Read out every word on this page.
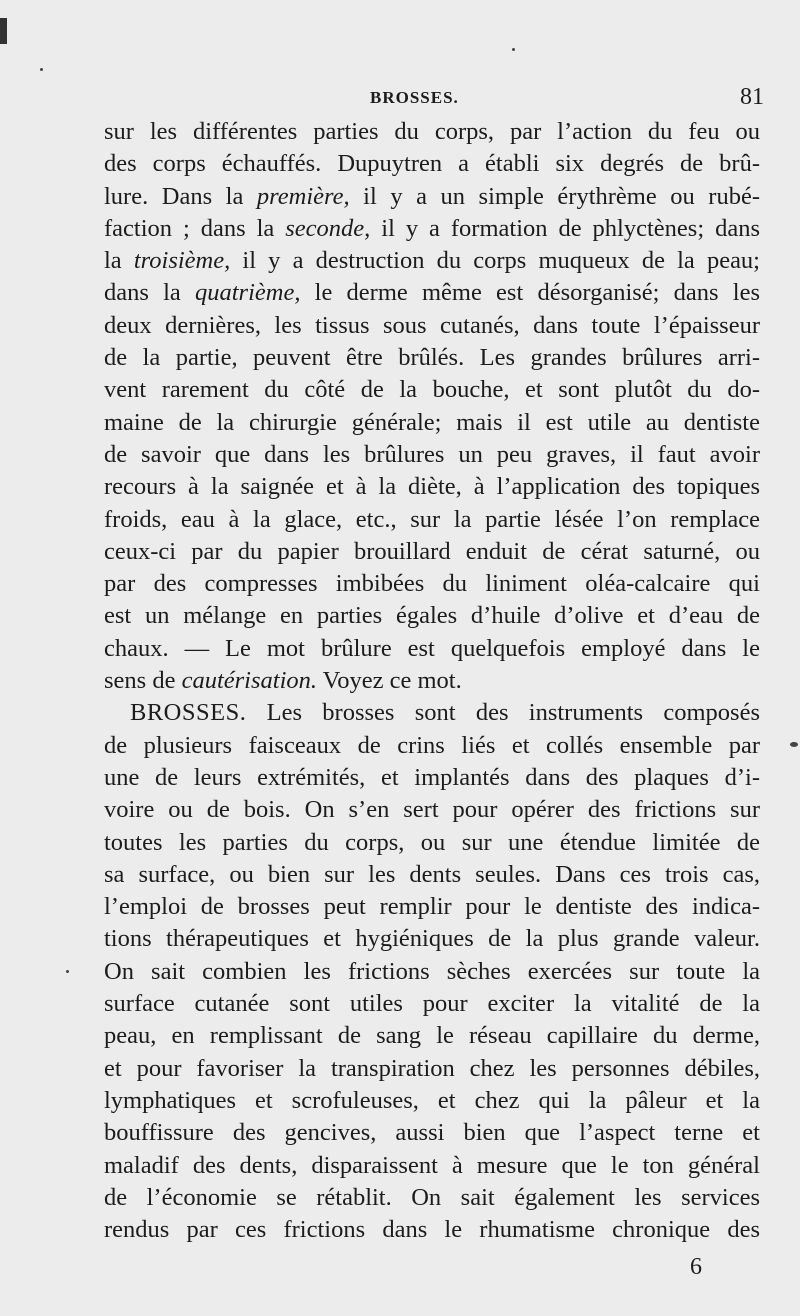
BROSSES.	81
sur les différentes parties du corps, par l’action du feu ou
des corps échauffés. Dupuytren a établi six degrés de brû-
lure. Dans la première, il y a un simple érythrème ou rubé-
faction ; dans la seconde, il y a formation de phlyctènes; dans
la troisième, il y a destruction du corps muqueux de la peau;
dans la quatrième, le derme même est désorganisé; dans les
deux dernières, les tissus sous cutanés, dans toute l’épaisseur
de la partie, peuvent être brûlés. Les grandes brûlures arri-
vent rarement du côté de la bouche, et sont plutôt du do-
maine de la chirurgie générale; mais il est utile au dentiste
de savoir que dans les brûlures un peu graves, il faut avoir
recours à la saignée et à la diète, à l’application des topiques
froids, eau à la glace, etc., sur la partie lésée l’on remplace
ceux-ci par du papier brouillard enduit de cérat saturné, ou
par des compresses imbibées du liniment oléa-calcaire qui
est un mélange en parties égales d’huile d’olive et d’eau de
chaux. — Le mot brûlure est quelquefois employé dans le
sens de cautérisation. Voyez ce mot.
BROSSES. Les brosses sont des instruments composés
de plusieurs faisceaux de crins liés et collés ensemble par
une de leurs extrémités, et implantés dans des plaques d’i-
voire ou de bois. On s’en sert pour opérer des frictions sur
toutes les parties du corps, ou sur une étendue limitée de
sa surface, ou bien sur les dents seules. Dans ces trois cas,
l’emploi de brosses peut remplir pour le dentiste des indica-
tions thérapeutiques et hygiéniques de la plus grande valeur.
On sait combien les frictions sèches exercées sur toute la
surface cutanée sont utiles pour exciter la vitalité de la
peau, en remplissant de sang le réseau capillaire du derme,
et pour favoriser la transpiration chez les personnes débiles,
lymphatiques et scrofuleuses, et chez qui la pâleur et la
bouffissure des gencives, aussi bien que l’aspect terne et
maladif des dents, disparaissent à mesure que le ton général
de l’économie se rétablit. On sait également les services
rendus par ces frictions dans le rhumatisme chronique des
6
